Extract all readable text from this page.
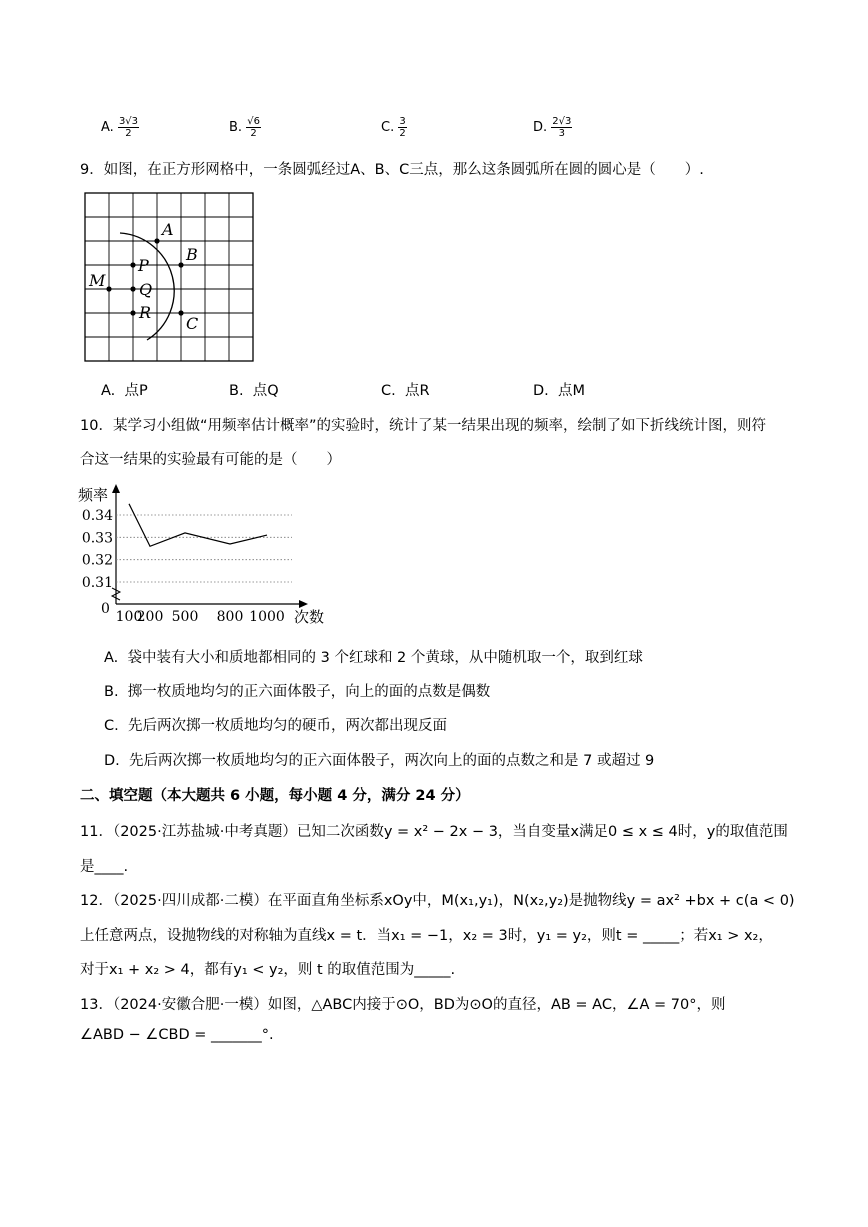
A. $\frac{3√3}{2}$	B. $\frac{√6}{2}$	C. $\frac{3}{2}$	D. $\frac{2√3}{3}$
9．如图，在正方形网格中，一条圆弧经过A、B、C三点，那么这条圆弧所在圆的圆心是（　　）.
A
B
C
P
Q
R
M
A. 点P	B. 点Q	C. 点R	D. 点M
10．某学习小组做“用频率估计概率”的实验时，统计了某一结果出现的频率，绘制了如下折线统计图，则符
合这一结果的实验最有可能的是（　　）
频率
次数
0
0.31
0.32
0.33
0.34
100
200 500 800 1000
A. 袋中装有大小和质地都相同的 3 个红球和 2 个黄球，从中随机取一个，取到红球
B. 掷一枚质地均匀的正六面体骰子，向上的面的点数是偶数
C. 先后两次掷一枚质地均匀的硬币，两次都出现反面
D. 先后两次掷一枚质地均匀的正六面体骰子，两次向上的面的点数之和是 7 或超过 9
二、填空题（本大题共 6 小题，每小题 4 分，满分 24 分）
11．（2025·江苏盐城·中考真题）已知二次函数y = x² − 2x − 3，当自变量x满足0 ≤ x ≤ 4时，y的取值范围
是____.
12．（2025·四川成都·二模）在平面直角坐标系xOy中，M(x₁,y₁)，N(x₂,y₂)是抛物线y = ax² +bx + c(a < 0)
上任意两点，设抛物线的对称轴为直线x = t．当x₁ = −1，x₂ = 3时，y₁ = y₂，则t = _____；若x₁ > x₂，
对于x₁ + x₂ > 4，都有y₁ < y₂，则 t 的取值范围为_____.
13．（2024·安徽合肥·一模）如图，△ABC内接于⊙O，BD为⊙O的直径，AB = AC，∠A = 70°，则
∠ABD − ∠CBD = _______°.
